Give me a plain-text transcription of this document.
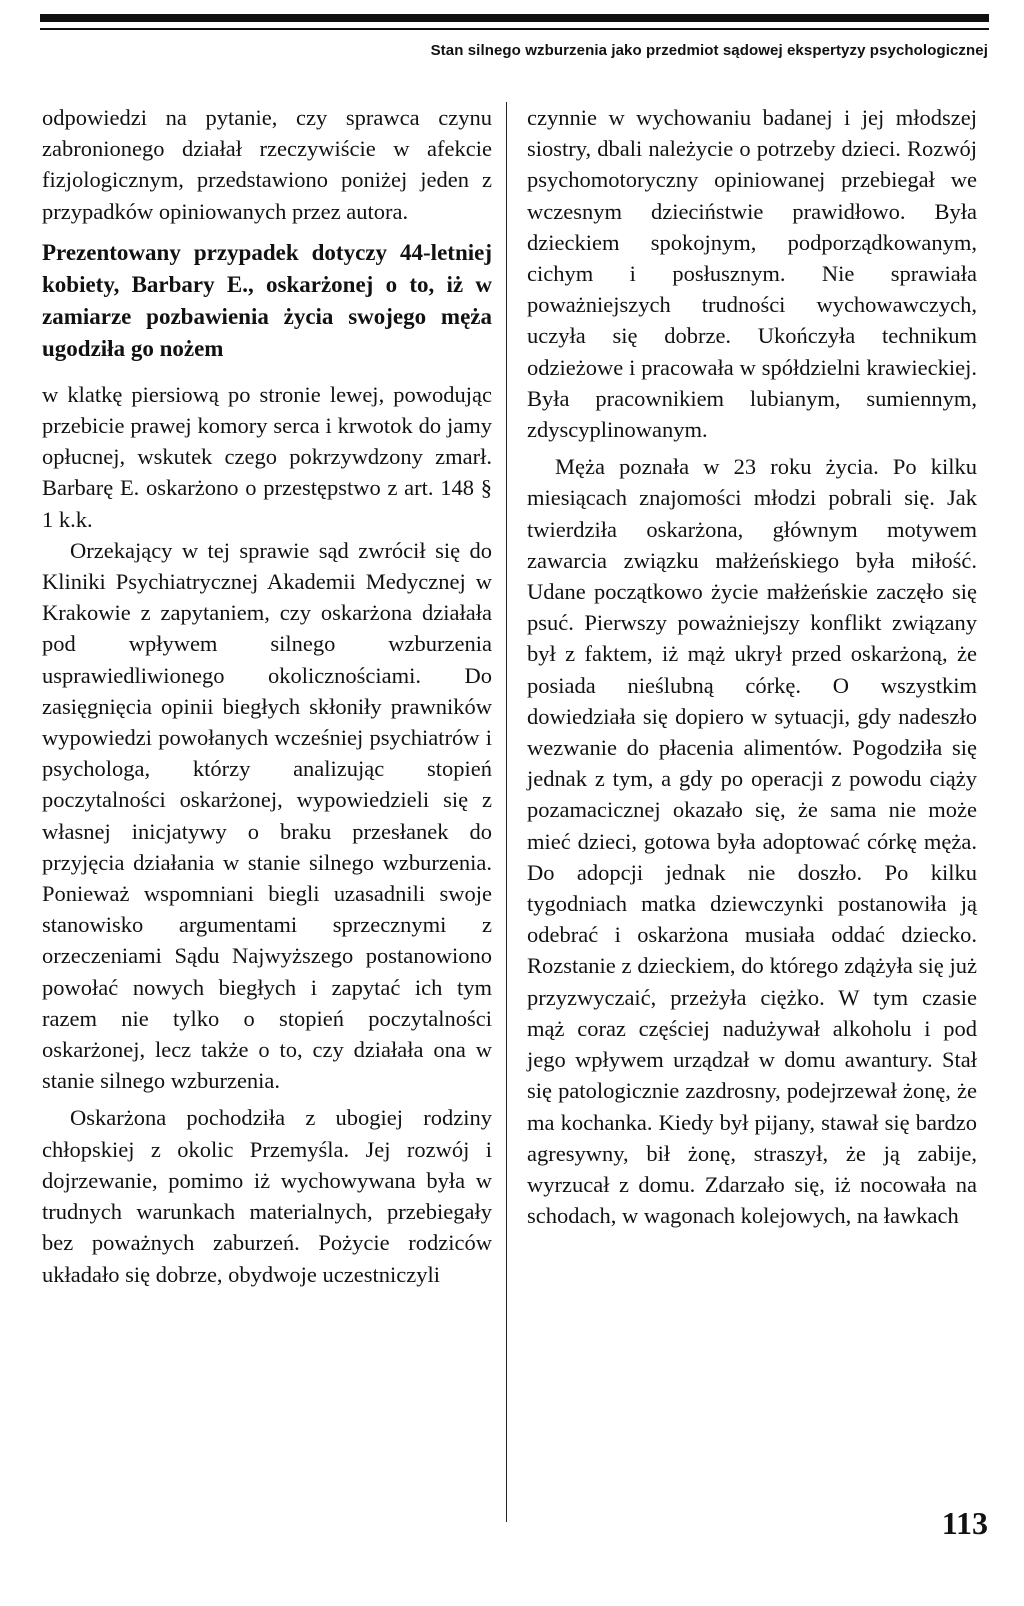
Stan silnego wzburzenia jako przedmiot sądowej ekspertyzy psychologicznej

odpowiedzi na pytanie, czy sprawca czynu zabronionego działał rzeczywiście w afekcie fizjologicznym, przedstawiono poniżej jeden z przypadków opiniowanych przez autora.

Prezentowany przypadek dotyczy 44-letniej kobiety, Barbary E., oskarżonej o to, iż w zamiarze pozbawienia życia swojego męża ugodziła go nożem

w klatkę piersiową po stronie lewej, powodując przebicie prawej komory serca i krwotok do jamy opłucnej, wskutek czego pokrzywdzony zmarł. Barbarę E. oskarżono o przestępstwo z art. 148 § 1 k.k.

Orzekający w tej sprawie sąd zwrócił się do Kliniki Psychiatrycznej Akademii Medycznej w Krakowie z zapytaniem, czy oskarżona działała pod wpływem silnego wzburzenia usprawiedliwionego okolicznościami. Do zasięgnięcia opinii biegłych skłoniły prawników wypowiedzi powołanych wcześniej psychiatrów i psychologa, którzy analizując stopień poczytalności oskarżonej, wypowiedzieli się z własnej inicjatywy o braku przesłanek do przyjęcia działania w stanie silnego wzburzenia. Ponieważ wspomniani biegli uzasadnili swoje stanowisko argumentami sprzecznymi z orzeczeniami Sądu Najwyższego postanowiono powołać nowych biegłych i zapytać ich tym razem nie tylko o stopień poczytalności oskarżonej, lecz także o to, czy działała ona w stanie silnego wzburzenia.

Oskarżona pochodziła z ubogiej rodziny chłopskiej z okolic Przemyśla. Jej rozwój i dojrzewanie, pomimo iż wychowywana była w trudnych warunkach materialnych, przebiegały bez poważnych zaburzeń. Pożycie rodziców układało się dobrze, obydwoje uczestniczyli

czynnie w wychowaniu badanej i jej młodszej siostry, dbali należycie o potrzeby dzieci. Rozwój psychomotoryczny opiniowanej przebiegał we wczesnym dzieciństwie prawidłowo. Była dzieckiem spokojnym, podporządkowanym, cichym i posłusznym. Nie sprawiała poważniejszych trudności wychowawczych, uczyła się dobrze. Ukończyła technikum odzieżowe i pracowała w spółdzielni krawieckiej. Była pracownikiem lubianym, sumiennym, zdyscyplinowanym.

Męża poznała w 23 roku życia. Po kilku miesiącach znajomości młodzi pobrali się. Jak twierdziła oskarżona, głównym motywem zawarcia związku małżeńskiego była miłość. Udane początkowo życie małżeńskie zaczęło się psuć. Pierwszy poważniejszy konflikt związany był z faktem, iż mąż ukrył przed oskarżoną, że posiada nieślubną córkę. O wszystkim dowiedziała się dopiero w sytuacji, gdy nadeszło wezwanie do płacenia alimentów. Pogodziła się jednak z tym, a gdy po operacji z powodu ciąży pozamacicznej okazało się, że sama nie może mieć dzieci, gotowa była adoptować córkę męża. Do adopcji jednak nie doszło. Po kilku tygodniach matka dziewczynki postanowiła ją odebrać i oskarżona musiała oddać dziecko. Rozstanie z dzieckiem, do którego zdążyła się już przyzwyczaić, przeżyła ciężko. W tym czasie mąż coraz częściej nadużywał alkoholu i pod jego wpływem urządzał w domu awantury. Stał się patologicznie zazdrosny, podejrzewał żonę, że ma kochanka. Kiedy był pijany, stawał się bardzo agresywny, bił żonę, straszył, że ją zabije, wyrzucał z domu. Zdarzało się, iż nocowała na schodach, w wagonach kolejowych, na ławkach

113
